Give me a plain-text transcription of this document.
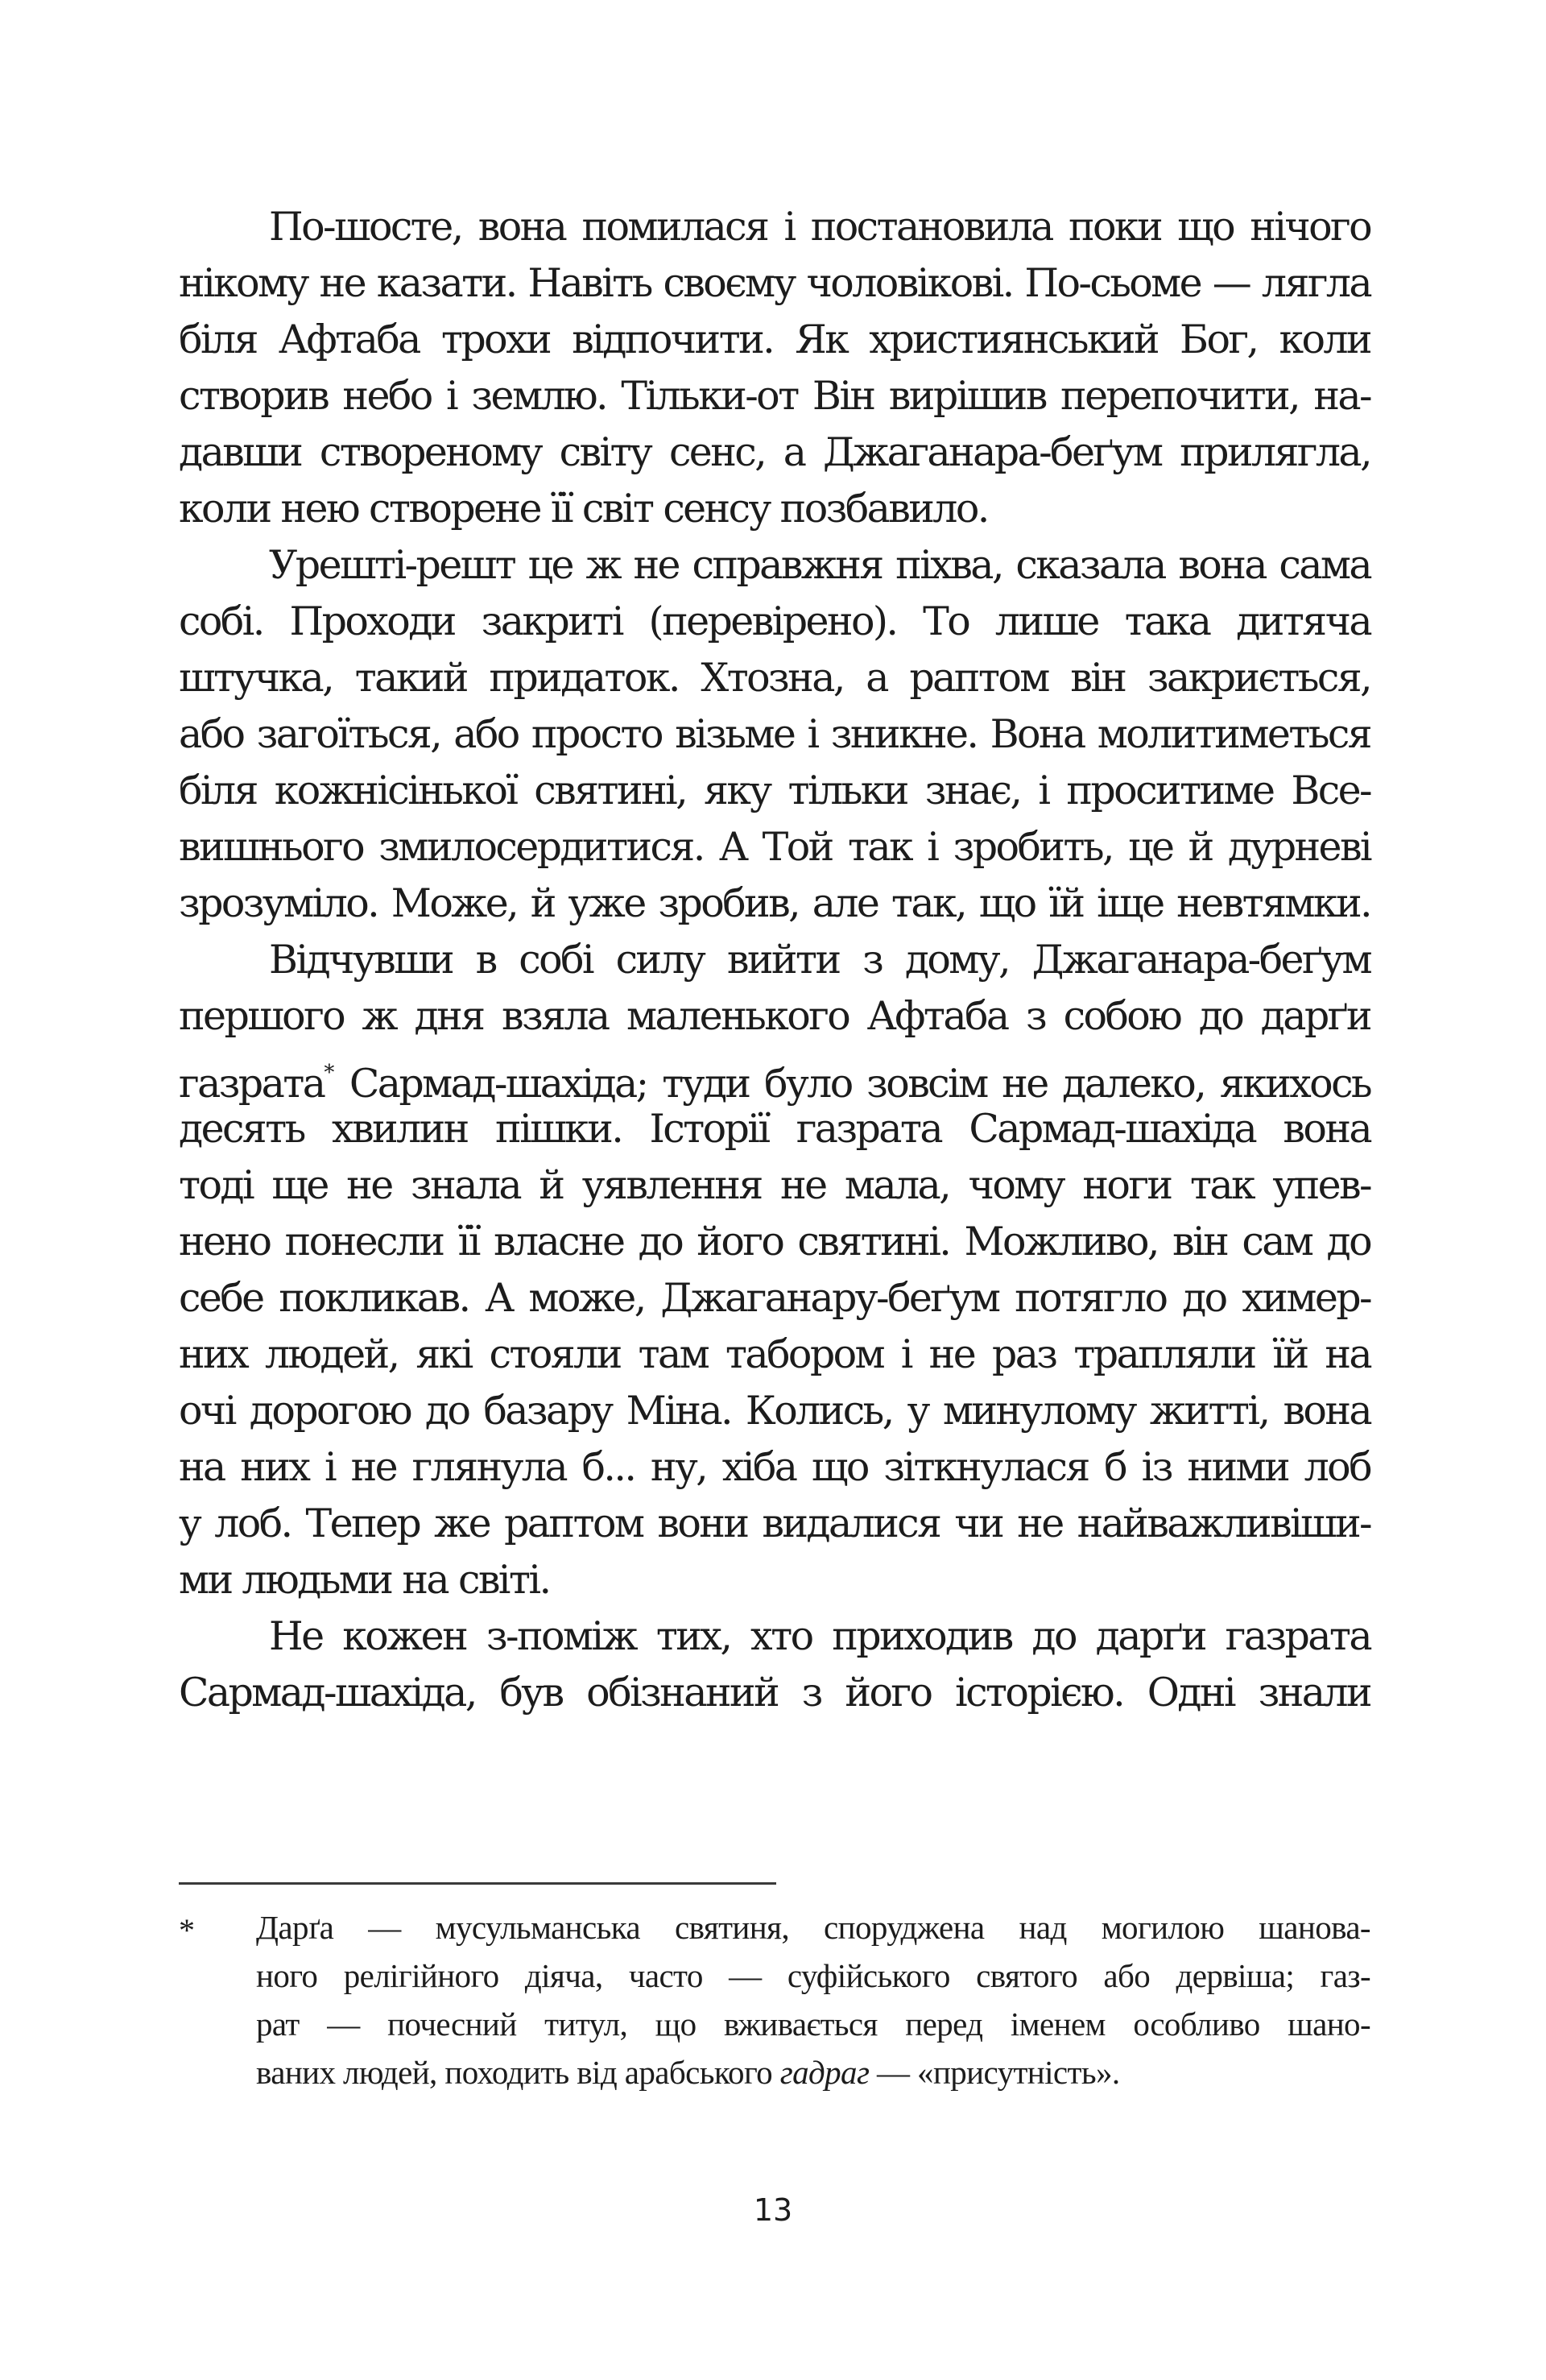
По-шосте, вона помилася і постановила поки що нічого
нікому не казати. Навіть своєму чоловікові. По-сьоме — лягла
біля Афтаба трохи відпочити. Як християнський Бог, коли
створив небо і землю. Тільки-от Він вирішив перепочити, на-
давши створеному світу сенс, а Джаганара-беґум прилягла,
коли нею створене її світ сенсу позбавило.
Урешті-решт це ж не справжня піхва, сказала вона сама
собі. Проходи закриті (перевірено). То лише така дитяча
штучка, такий придаток. Хтозна, а раптом він закриється,
або загоїться, або просто візьме і зникне. Вона молитиметься
біля кожнісінької святині, яку тільки знає, і проситиме Все-
вишнього змилосердитися. А Той так і зробить, це й дурневі
зрозуміло. Може, й уже зробив, але так, що їй іще невтямки.
Відчувши в собі силу вийти з дому, Джаганара-беґум
першого ж дня взяла маленького Афтаба з собою до дарґи
газрата* Сармад-шахіда; туди було зовсім не далеко, якихось
десять хвилин пішки. Історії газрата Сармад-шахіда вона
тоді ще не знала й уявлення не мала, чому ноги так упев-
нено понесли її власне до його святині. Можливо, він сам до
себе покликав. А може, Джаганару-беґум потягло до химер-
них людей, які стояли там табором і не раз трапляли їй на
очі дорогою до базару Міна. Колись, у минулому житті, вона
на них і не глянула б... ну, хіба що зіткнулася б із ними лоб
у лоб. Тепер же раптом вони видалися чи не найважливіши-
ми людьми на світі.
Не кожен з-поміж тих, хто приходив до дарґи газрата
Сармад-шахіда, був обізнаний з його історією. Одні знали
* Дарґа — мусульманська святиня, споруджена над могилою шанова-
ного релігійного діяча, часто — суфійського святого або дервіша; газ-
рат — почесний титул, що вживається перед іменем особливо шано-
ваних людей, походить від арабського гадраг — «присутність».
13
